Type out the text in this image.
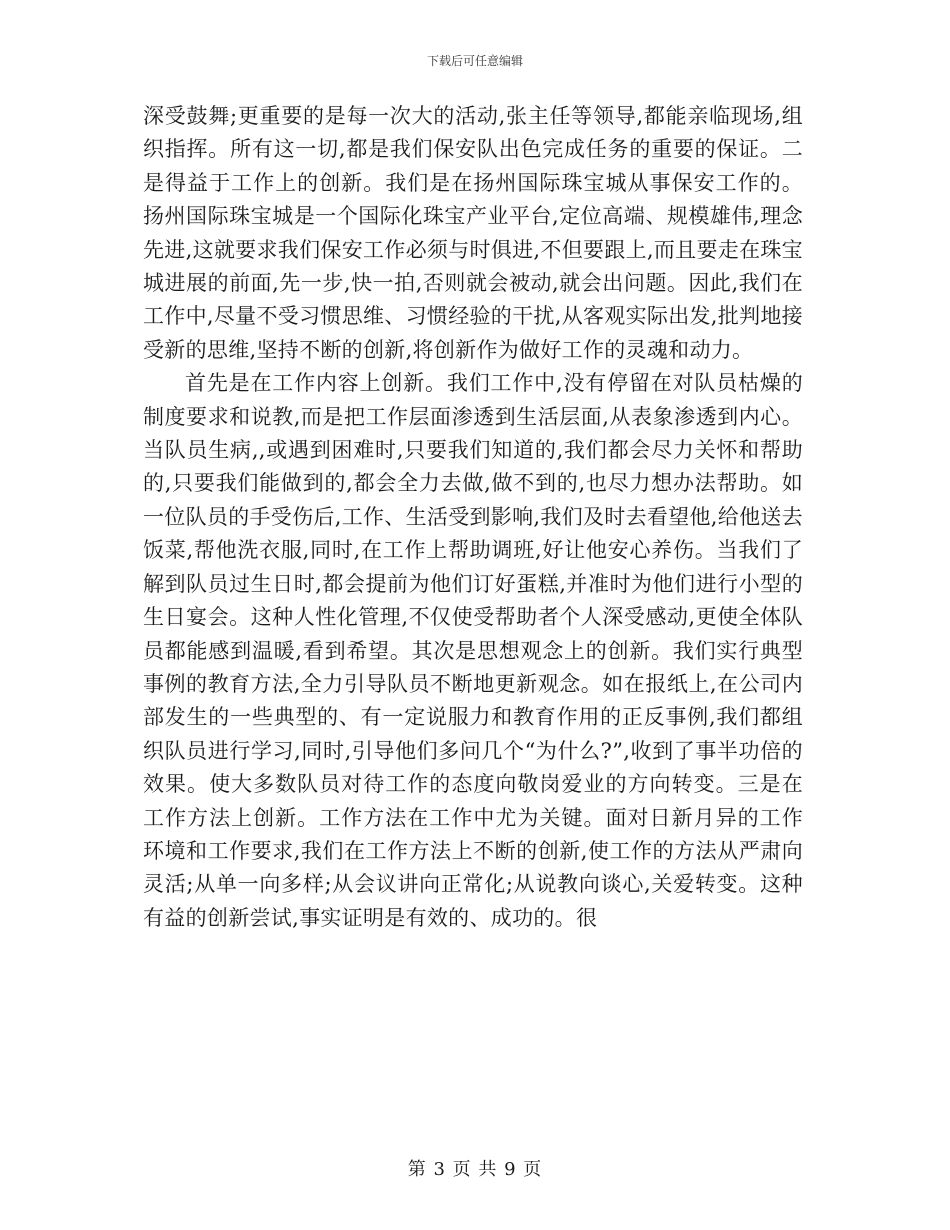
下载后可任意编辑

深受鼓舞;更重要的是每一次大的活动,张主任等领导,都能亲临现场,组织指挥。所有这一切,都是我们保安队出色完成任务的重要的保证。二是得益于工作上的创新。我们是在扬州国际珠宝城从事保安工作的。扬州国际珠宝城是一个国际化珠宝产业平台,定位高端、规模雄伟,理念先进,这就要求我们保安工作必须与时俱进,不但要跟上,而且要走在珠宝城进展的前面,先一步,快一拍,否则就会被动,就会出问题。因此,我们在工作中,尽量不受习惯思维、习惯经验的干扰,从客观实际出发,批判地接受新的思维,坚持不断的创新,将创新作为做好工作的灵魂和动力。

首先是在工作内容上创新。我们工作中,没有停留在对队员枯燥的制度要求和说教,而是把工作层面渗透到生活层面,从表象渗透到内心。当队员生病,,或遇到困难时,只要我们知道的,我们都会尽力关怀和帮助的,只要我们能做到的,都会全力去做,做不到的,也尽力想办法帮助。如一位队员的手受伤后,工作、生活受到影响,我们及时去看望他,给他送去饭菜,帮他洗衣服,同时,在工作上帮助调班,好让他安心养伤。当我们了解到队员过生日时,都会提前为他们订好蛋糕,并准时为他们进行小型的生日宴会。这种人性化管理,不仅使受帮助者个人深受感动,更使全体队员都能感到温暖,看到希望。其次是思想观念上的创新。我们实行典型事例的教育方法,全力引导队员不断地更新观念。如在报纸上,在公司内部发生的一些典型的、有一定说服力和教育作用的正反事例,我们都组织队员进行学习,同时,引导他们多问几个“为什么?”,收到了事半功倍的效果。使大多数队员对待工作的态度向敬岗爱业的方向转变。三是在工作方法上创新。工作方法在工作中尤为关键。面对日新月异的工作环境和工作要求,我们在工作方法上不断的创新,使工作的方法从严肃向灵活;从单一向多样;从会议讲向正常化;从说教向谈心,关爱转变。这种有益的创新尝试,事实证明是有效的、成功的。很

第 3 页 共 9 页
